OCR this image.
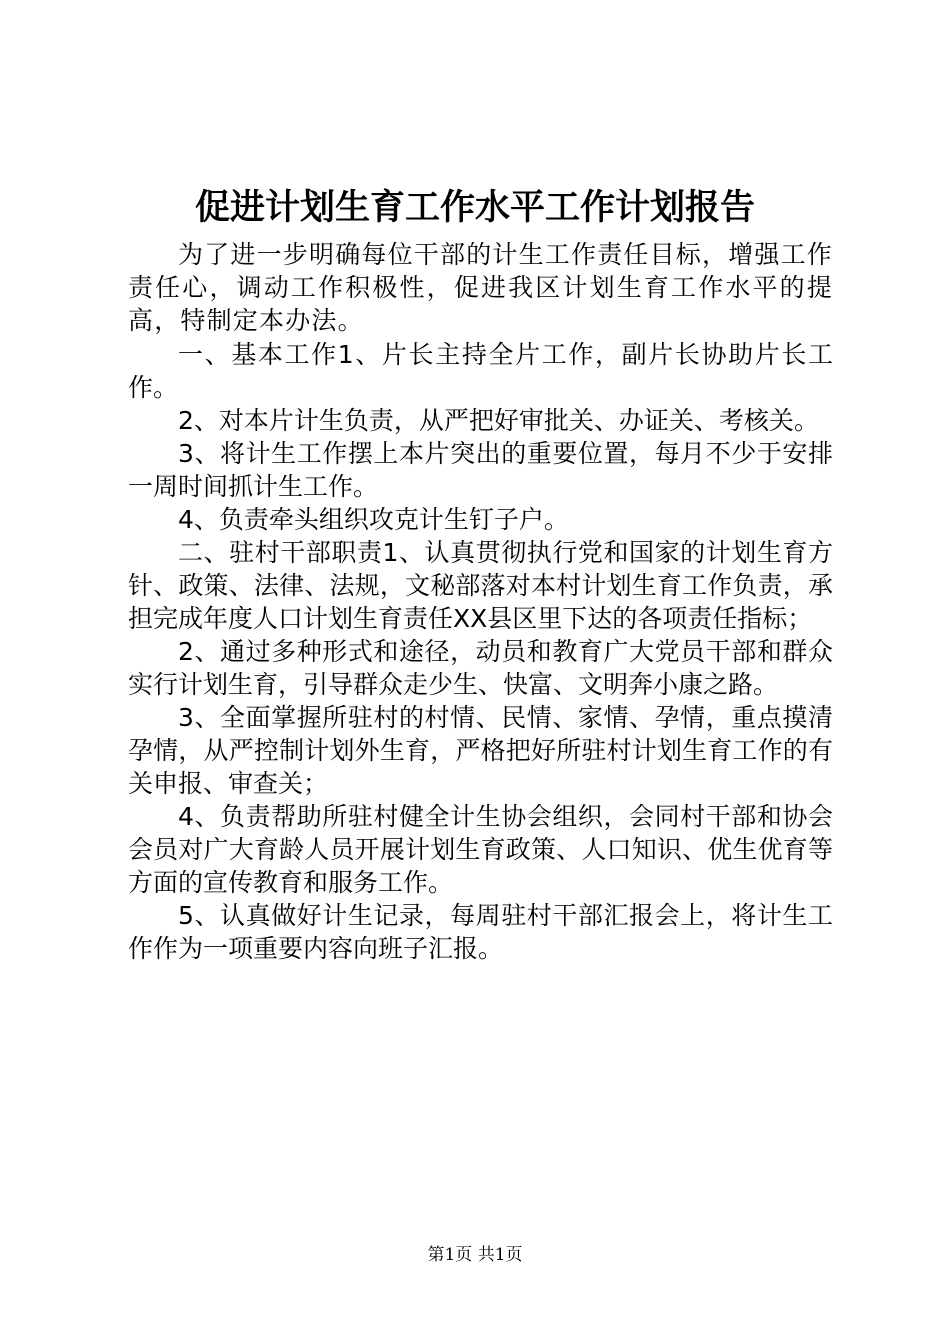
促进计划生育工作水平工作计划报告

为了进一步明确每位干部的计生工作责任目标，增强工作责任心，调动工作积极性，促进我区计划生育工作水平的提高，特制定本办法。

一、基本工作1、片长主持全片工作，副片长协助片长工作。

2、对本片计生负责，从严把好审批关、办证关、考核关。

3、将计生工作摆上本片突出的重要位置，每月不少于安排一周时间抓计生工作。

4、负责牵头组织攻克计生钉子户。

二、驻村干部职责1、认真贯彻执行党和国家的计划生育方针、政策、法律、法规，文秘部落对本村计划生育工作负责，承担完成年度人口计划生育责任XX县区里下达的各项责任指标；

2、通过多种形式和途径，动员和教育广大党员干部和群众实行计划生育，引导群众走少生、快富、文明奔小康之路。

3、全面掌握所驻村的村情、民情、家情、孕情，重点摸清孕情，从严控制计划外生育，严格把好所驻村计划生育工作的有关申报、审查关；

4、负责帮助所驻村健全计生协会组织，会同村干部和协会会员对广大育龄人员开展计划生育政策、人口知识、优生优育等方面的宣传教育和服务工作。

5、认真做好计生记录，每周驻村干部汇报会上，将计生工作作为一项重要内容向班子汇报。

第1页 共1页
